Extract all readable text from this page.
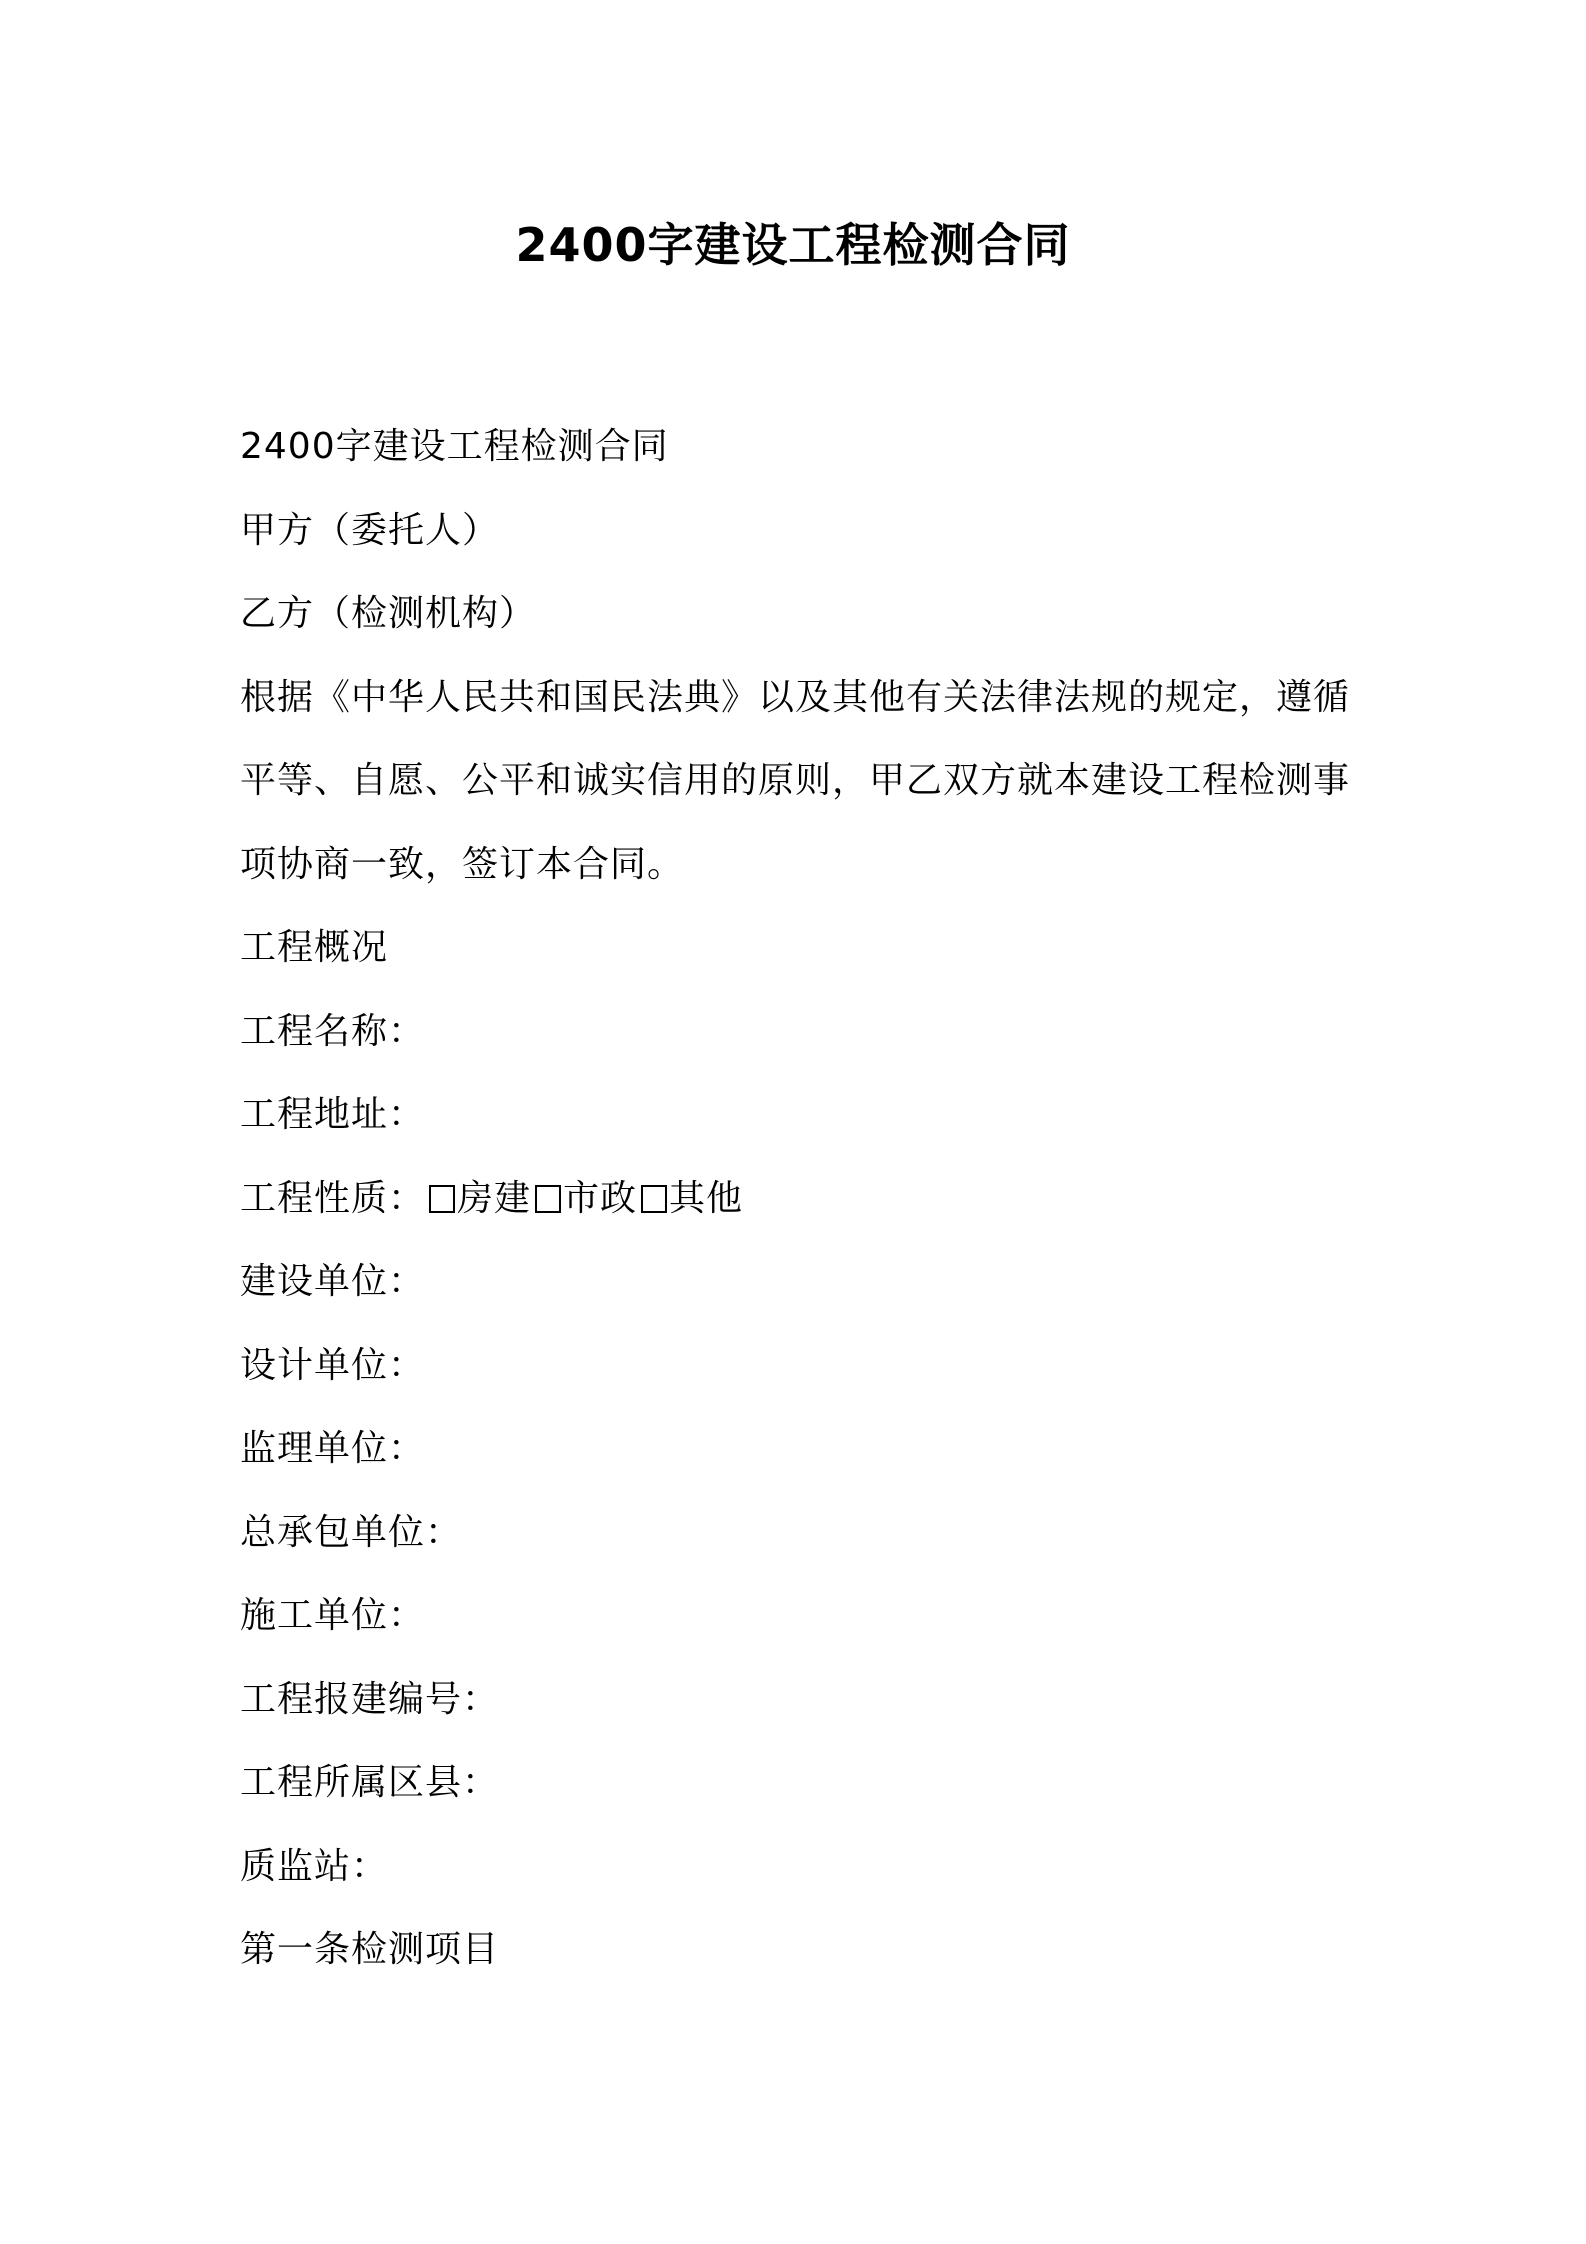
2400字建设工程检测合同
2400字建设工程检测合同
甲方（委托人）
乙方（检测机构）
根据《中华人民共和国民法典》以及其他有关法律法规的规定，遵循
平等、自愿、公平和诚实信用的原则，甲乙双方就本建设工程检测事
项协商一致，签订本合同。
工程概况
工程名称：
工程地址：
工程性质： 房建 市政 其他
建设单位：
设计单位：
监理单位：
总承包单位：
施工单位：
工程报建编号：
工程所属区县：
质监站：
第一条检测项目
